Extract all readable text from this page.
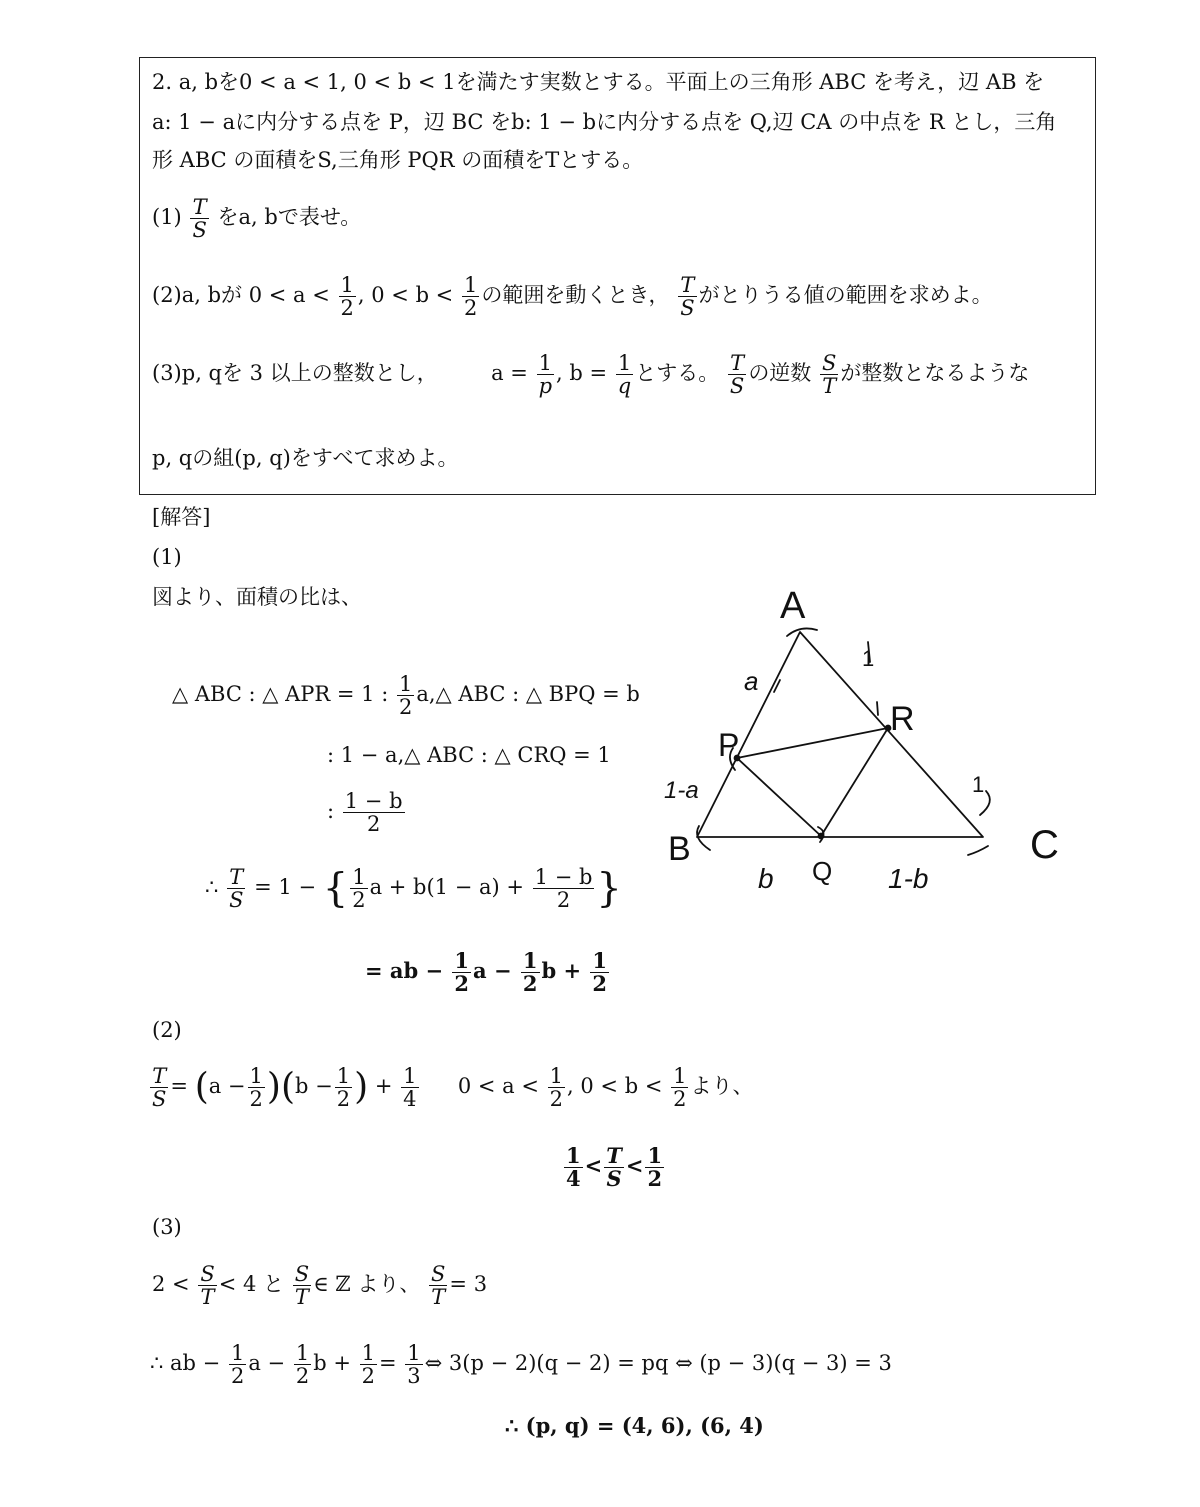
2. a, bを0 < a < 1, 0 < b < 1を満たす実数とする。平面上の三角形 ABC を考え，辺 AB を
a: 1 − aに内分する点を P，辺 BC をb: 1 − bに内分する点を Q,辺 CA の中点を R とし，三角
形 ABC の面積をS,三角形 PQR の面積をTとする。
$(1) \frac{T}{S}$ をa, bで表せ。
(2)a, bが $0 < a < \frac{1}{2}$ , $0 < b < \frac{1}{2}$ の範囲を動くとき， $\frac{T}{S}$ がとりうる値の範囲を求めよ。
(3)p, qを 3 以上の整数とし，	$a = \frac{1}{p}$ , $b = \frac{1}{q}$ とする。 $\frac{T}{S}$ の逆数 $\frac{S}{T}$ が整数となるような
p, qの組(p, q)をすべて求めよ。
[解答]
(1)
図より、面積の比は、
△ ABC : △ APR = 1 : $\frac{1}{2}$ a,△ ABC : △ BPQ = b
: 1 − a,△ ABC : △ CRQ = 1
: $\frac{1 - b}{2}$
∴ $\frac{T}{S} = 1$ − { $\frac{1}{2}$ $a + b(1 - a) + \frac{1 - b}{2}$ }
= ab − $\frac{1}{2}$ $a - \frac{1}{2}$ $b + \frac{1}{2}$
(2)
$\frac{T}{S} = (a - \frac{1}{2} )(b - \frac{1}{2}$ ) + $\frac{1}{4} 0 < a < \frac{1}{2}$ , $0 < b < \frac{1}{2}$ より、
$\frac{1}{4} < \frac{T}{S} < \frac{1}{2}$
(3)
$2 < \frac{S}{T} < 4$ と $\frac{S}{T}$ ∈ ℤ より、 $\frac{S}{T} = 3$
∴ ab − $\frac{1}{2}$ $a - \frac{1}{2}$ $b + \frac{1}{2} = \frac{1}{3}$ ⇔ 3(p − 2)(q − 2) = pq ⇔ (p − 3)(q − 3) = 3
∴ (p, q) = (4, 6), (6, 4)
A
P
R
B
Q
C
a
1
1-a	1
b	1-b
